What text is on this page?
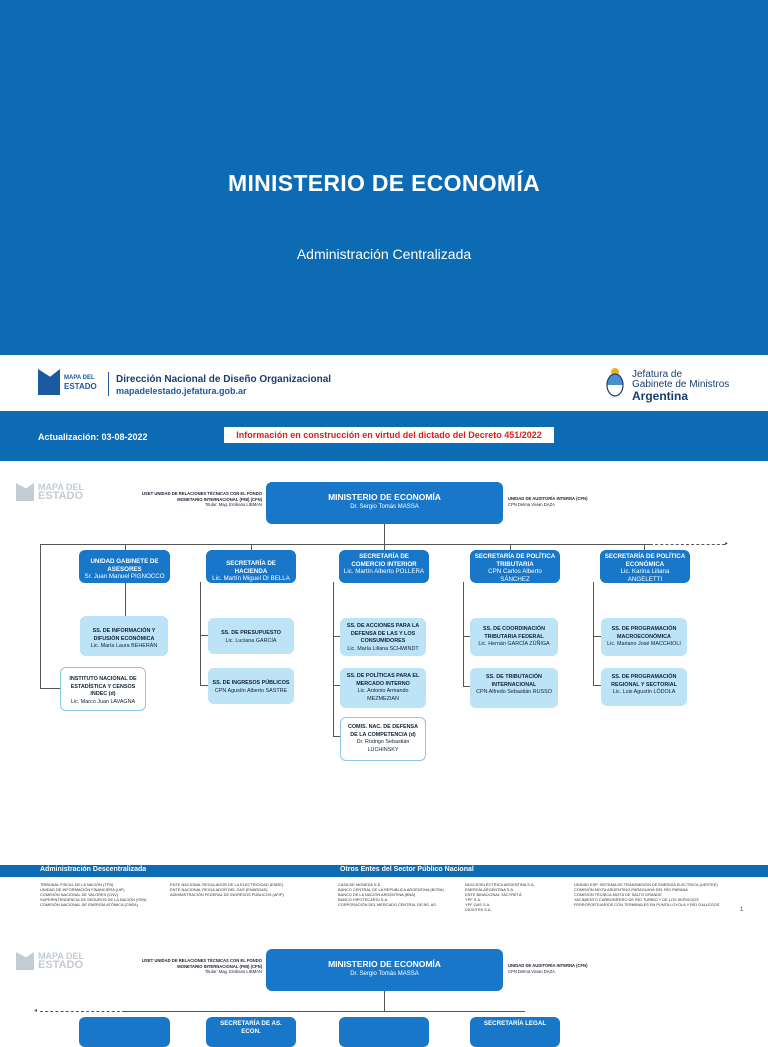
MINISTERIO DE ECONOMÍA
Administración Centralizada
MAPA DEL
ESTADO
Dirección Nacional de Diseño Organizacional
mapadelestado.jefatura.gob.ar
Jefatura de
Gabinete de Ministros
Argentina
Actualización: 03-08-2022	Información en construcción en virtud del dictado del Decreto 451/2022
MAPA DEL
ESTADO	USET UNIDAD DE RELACIONES TÉCNICAS CON EL FONDO MONETARIO INTERNACIONAL (FMI) (CFN)
Titular: Mag. Emiliano LIBMAN
UNIDAD DE AUDITORÍA INTERNA (CFN)
CPN Delma Vivian DAZA
MINISTERIO DE ECONOMÍA
Dr. Sergio Tomás MASSA
▸
UNIDAD GABINETE DE ASESORES
Sr. Juan Manuel PIGNOCCO
SS. DE INFORMACIÓN Y DIFUSIÓN ECONÓMICA
Lic. María Laura BEHERÁN
INSTITUTO NACIONAL DE ESTADÍSTICA Y CENSOS INDEC (d)
Lic. Marco Juan LAVAGNA
SECRETARÍA DE HACIENDA
Lic. Martín Miguel DI BELLA
SS. DE PRESUPUESTO
Lic. Luciana GARCÍA
SS. DE INGRESOS PÚBLICOS
CPN Agustín Alberto SASTRE
SECRETARÍA DE COMERCIO INTERIOR
Lic. Martín Alberto POLLERA
SS. DE ACCIONES PARA LA DEFENSA DE LAS Y LOS CONSUMIDORES
Lic. María Liliana SCHWINDT
SS. DE POLÍTICAS PARA EL MERCADO INTERNO
Lic. Antonio Armando MEZMEZIAN
COMIS. NAC. DE DEFENSA DE LA COMPETENCIA (d)
Dr. Rodrigo Sebastián LUCHINSKY
SECRETARÍA DE POLÍTICA TRIBUTARIA
CPN Carlos Alberto SÁNCHEZ
SS. DE COORDINACIÓN TRIBUTARIA FEDERAL
Lic. Hernán GARCÍA ZÚÑIGA
SS. DE TRIBUTACIÓN INTERNACIONAL
CPN Alfredo Sebastián RUSSO
SECRETARÍA DE POLÍTICA ECONÓMICA
Lic. Karina Liliana ANGELETTI
SS. DE PROGRAMACIÓN MACROECONÓMICA
Lic. Mariano José MACCHIOLI
SS. DE PROGRAMACIÓN REGIONAL Y SECTORIAL
Lic. Luis Agustín LÓDOLA
Administración Descentralizada	Otros Entes del Sector Público Nacional
TRIBUNAL FISCAL DE LA NACIÓN (TFN)
UNIDAD DE INFORMACIÓN FINANCIERA (UIF)
COMISIÓN NACIONAL DE VALORES (CNV)
SUPERINTENDENCIA DE SEGUROS DE LA NACIÓN (SSN)
COMISIÓN NACIONAL DE ENERGÍA ATÓMICA (CNEA)
ENTE NACIONAL REGULADOR DE LA ELECTRICIDAD (ENRE)
ENTE NACIONAL REGULADOR DEL GAS (ENARGAS)
ADMINISTRACIÓN FEDERAL DE INGRESOS PÚBLICOS (AFIP)
CASA DE MONEDA S.E.
BANCO CENTRAL DE LA REPÚBLICA ARGENTINA (BCRA)
BANCO DE LA NACIÓN ARGENTINA (BNA)
BANCO HIPOTECARIO S.A.
CORPORACIÓN DEL MERCADO CENTRAL DE BS. AS.
NUCLEOELÉCTRICA ARGENTINA S.A.
ENERGÍA ARGENTINA S.A.
ENTE BINACIONAL YACYRETÁ
YPF S.A.
YPF GAS S.A.
DIOXITEK S.A.
UNIDAD ESP. SISTEMA DE TRANSMISIÓN DE ENERGÍA ELÉCTRICA (UESTEE)
COMISIÓN MIXTA ARGENTINO-PARAGUAYA DEL RÍO PARANÁ
COMISIÓN TÉCNICA MIXTA DE SALTO GRANDE
YACIMIENTO CARBONÍFERO DE RÍO TURBIO Y DE LOS SERVICIOS FERROPORTUARIOS CON TERMINALES EN PUNTA LOYOLA Y RÍO GALLEGOS
1
MAPA DEL
ESTADO	USET UNIDAD DE RELACIONES TÉCNICAS CON EL FONDO MONETARIO INTERNACIONAL (FMI) (CFN)
Titular: Mag. Emiliano LIBMAN
UNIDAD DE AUDITORÍA INTERNA (CFN)
CPN Delma Vivian DAZA
MINISTERIO DE ECONOMÍA
Dr. Sergio Tomás MASSA
◂
SECRETARÍA DE AS. ECON.
SECRETARÍA LEGAL
